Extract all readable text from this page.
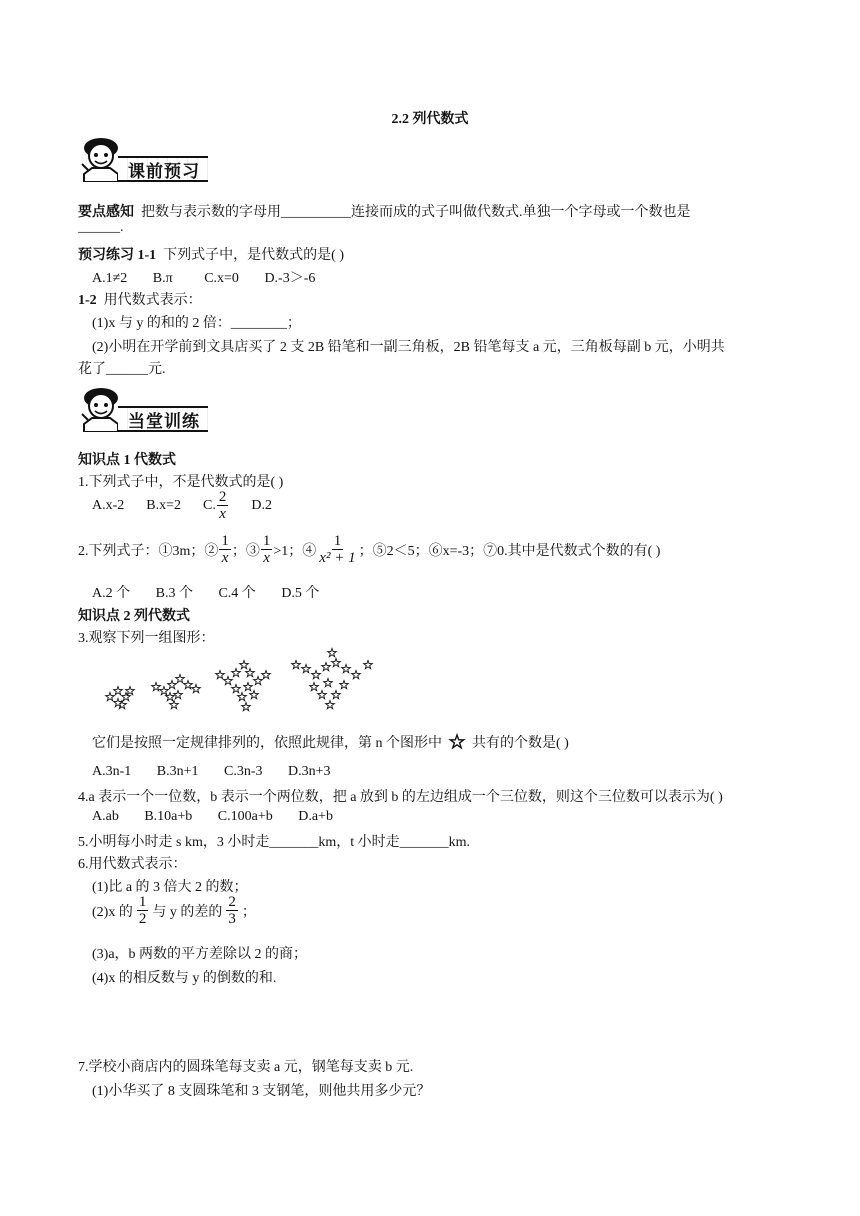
2.2 列代数式
课前预习
要点感知 把数与表示数的字母用__________连接而成的式子叫做代数式.单独一个字母或一个数也是
______.
预习练习 1-1 下列式子中，是代数式的是( )
A.1≠2 B.π C.x=0 D.-3＞-6
1-2 用代数式表示：
(1)x 与 y 的和的 2 倍：________；
(2)小明在开学前到文具店买了 2 支 2B 铅笔和一副三角板，2B 铅笔每支 a 元，三角板每副 b 元，小明共
花了______元.
当堂训练
知识点 1 代数式
1.下列式子中，不是代数式的是( )
A.x-2 B.x=2 C. $\frac{2}{x} D.2$
2.下列式子：①3m；② $\frac{1}{x}$ ；③ $\frac{1}{x} >1$；④ $\frac{1}{\text{x² + 1}}$ ；⑤2＜5；⑥x=-3；⑦0.其中是代数式个数的有( )
A.2 个 B.3 个 C.4 个 D.5 个
知识点 2 列代数式
3.观察下列一组图形：
它们是按照一定规律排列的，依照此规律，第 n 个图形中 共有的个数是( )
A.3n-1 B.3n+1 C.3n-3 D.3n+3
4.a 表示一个一位数，b 表示一个两位数，把 a 放到 b 的左边组成一个三位数，则这个三位数可以表示为( )
A.ab B.10a+b C.100a+b D.a+b
5.小明每小时走 s km，3 小时走_______km，t 小时走_______km.
6.用代数式表示：
(1)比 a 的 3 倍大 2 的数；
(2)x 的 $\frac{1}{2}$ 与 y 的差的 $\frac{2}{3}$ ；
(3)a，b 两数的平方差除以 2 的商；
(4)x 的相反数与 y 的倒数的和.
7.学校小商店内的圆珠笔每支卖 a 元，钢笔每支卖 b 元.
(1)小华买了 8 支圆珠笔和 3 支钢笔，则他共用多少元？
